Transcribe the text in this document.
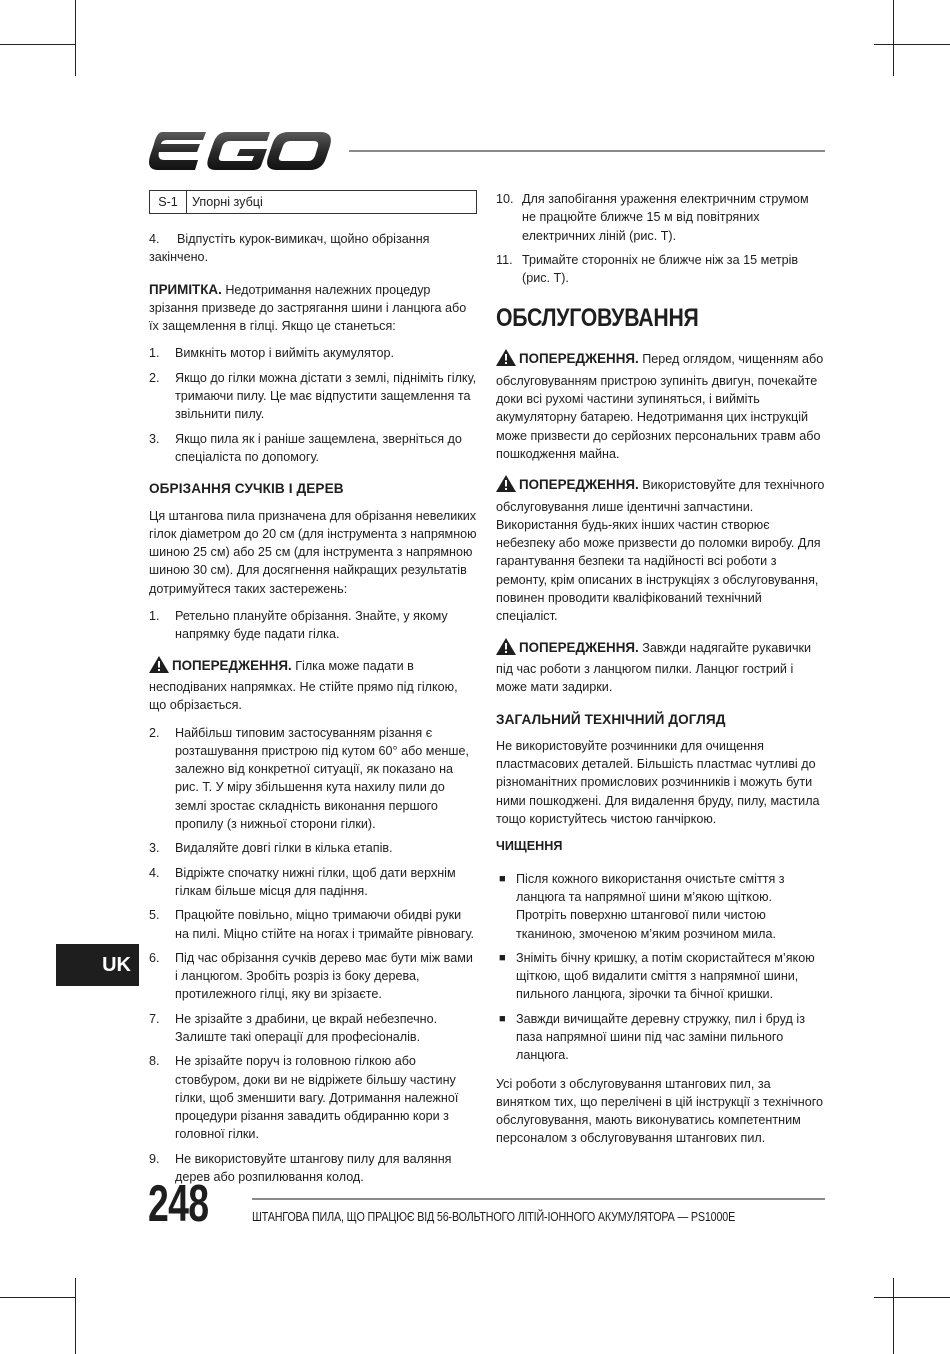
S-1	Упорні зубці

4. Відпустіть курок-вимикач, щойно обрізання закінчено.

ПРИМІТКА. Недотримання належних процедур зрізання призведе до застрягання шини і ланцюга або їх защемлення в гілці. Якщо це станеться:

1.	Вимкніть мотор і вийміть акумулятор.
2.	Якщо до гілки можна дістати з землі, підніміть гілку, тримаючи пилу. Це має відпустити защемлення та звільнити пилу.
3.	Якщо пила як і раніше защемлена, зверніться до спеціаліста по допомогу.
ОБРІЗАННЯ СУЧКІВ І ДЕРЕВ

Ця штангова пила призначена для обрізання невеликих гілок діаметром до 20 см (для інструмента з напрямною шиною 25 см) або 25 см (для інструмента з напрямною шиною 30 см). Для досягнення найкращих результатів дотримуйтеся таких застережень:

1.	Ретельно плануйте обрізання. Знайте, у якому напрямку буде падати гілка.

ПОПЕРЕДЖЕННЯ. Гілка може падати в несподіваних напрямках. Не стійте прямо під гілкою, що обрізається.

2.	Найбільш типовим застосуванням різання є розташування пристрою під кутом 60° або менше, залежно від конкретної ситуації, як показано на рис. T. У міру збільшення кута нахилу пили до землі зростає складність виконання першого пропилу (з нижньої сторони гілки).
3.	Видаляйте довгі гілки в кілька етапів.
4.	Відріжте спочатку нижні гілки, щоб дати верхнім гілкам більше місця для падіння.
5.	Працюйте повільно, міцно тримаючи обидві руки на пилі. Міцно стійте на ногах і тримайте рівновагу.
6.	Під час обрізання сучків дерево має бути між вами і ланцюгом. Зробіть розріз із боку дерева, протилежного гілці, яку ви зрізаєте.
7.	Не зрізайте з драбини, це вкрай небезпечно. Залиште такі операції для професіоналів.
8.	Не зрізайте поруч із головною гілкою або стовбуром, доки ви не відріжете більшу частину гілки, щоб зменшити вагу. Дотримання належної процедури різання завадить обдиранню кори з головної гілки.
9.	Не використовуйте штангову пилу для валяння дерев або розпилювання колод.
10. Для запобігання ураження електричним струмом не працюйте ближче 15 м від повітряних електричних ліній (рис. T).
11. Тримайте сторонніх не ближче ніж за 15 метрів (рис. T).
ОБСЛУГОВУВАННЯ

ПОПЕРЕДЖЕННЯ. Перед оглядом, чищенням або обслуговуванням пристрою зупиніть двигун, почекайте доки всі рухомі частини зупиняться, і вийміть акумуляторну батарею. Недотримання цих інструкцій може призвести до серйозних персональних травм або пошкодження майна.

ПОПЕРЕДЖЕННЯ. Використовуйте для технічного обслуговування лише ідентичні запчастини. Використання будь-яких інших частин створює небезпеку або може призвести до поломки виробу. Для гарантування безпеки та надійності всі роботи з ремонту, крім описаних в інструкціях з обслуговування, повинен проводити кваліфікований технічний спеціаліст.

ПОПЕРЕДЖЕННЯ. Завжди надягайте рукавички під час роботи з ланцюгом пилки. Ланцюг гострий і може мати задирки.

ЗАГАЛЬНИЙ ТЕХНІЧНИЙ ДОГЛЯД

Не використовуйте розчинники для очищення пластмасових деталей. Більшість пластмас чутливі до різноманітних промислових розчинників і можуть бути ними пошкоджені. Для видалення бруду, пилу, мастила тощо користуйтесь чистою ганчіркою.

ЧИЩЕННЯ
■ Після кожного використання очистьте сміття з ланцюга та напрямної шини м’якою щіткою. Протріть поверхню штангової пили чистою тканиною, змоченою м’яким розчином мила.
■ Зніміть бічну кришку, а потім скористайтеся м’якою щіткою, щоб видалити сміття з напрямної шини, пильного ланцюга, зірочки та бічної кришки.
■ Завжди вичищайте деревну стружку, пил і бруд із паза напрямної шини під час заміни пильного ланцюга.

Усі роботи з обслуговування штангових пил, за винятком тих, що перелічені в цій інструкції з технічного обслуговування, мають виконуватись компетентним персоналом з обслуговування штангових пил.

UK
248	ШТАНГОВА ПИЛА, ЩО ПРАЦЮЄ ВІД 56-ВОЛЬТНОГО ЛІТІЙ-ІОННОГО АКУМУЛЯТОРА — PS1000E
